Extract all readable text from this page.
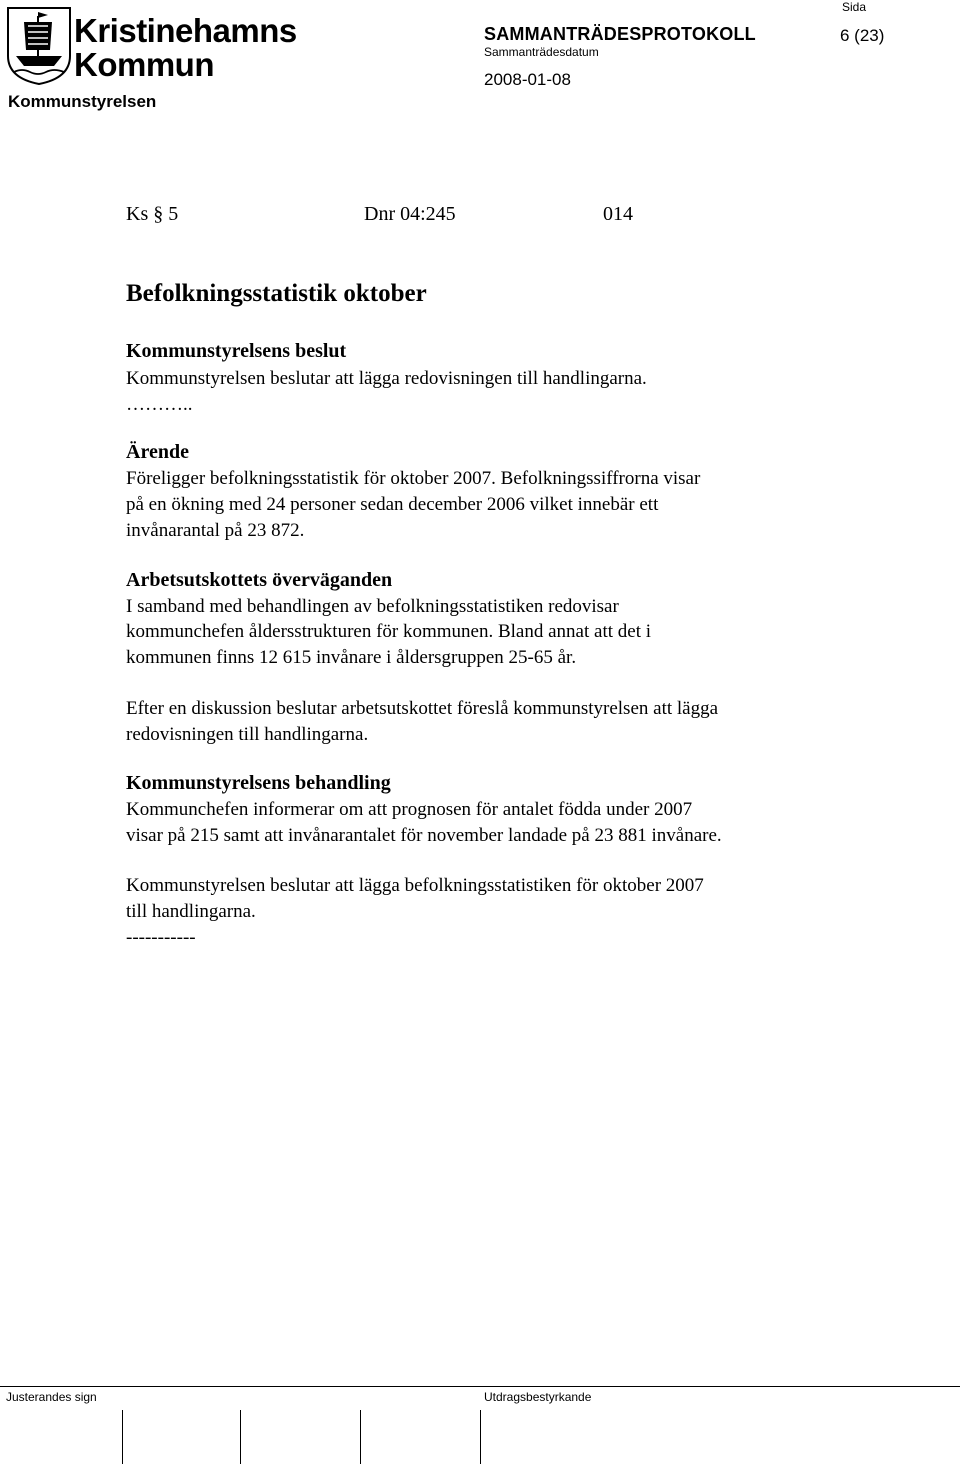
Kristinehamns
Kommun
Kommunstyrelsen
SAMMANTRÄDESPROTOKOLL
Sammanträdesdatum
2008-01-08
Sida
6 (23)
Ks § 5	Dnr 04:245	014
Befolkningsstatistik oktober
Kommunstyrelsens beslut
Kommunstyrelsen beslutar att lägga redovisningen till handlingarna.
………..
Ärende
Föreligger befolkningsstatistik för oktober 2007. Befolkningssiffrorna visar
på en ökning med 24 personer sedan december 2006 vilket innebär ett
invånarantal på 23 872.
Arbetsutskottets överväganden
I samband med behandlingen av befolkningsstatistiken redovisar
kommunchefen åldersstrukturen för kommunen. Bland annat att det i
kommunen finns 12 615 invånare i åldersgruppen 25-65 år.
Efter en diskussion beslutar arbetsutskottet föreslå kommunstyrelsen att lägga
redovisningen till handlingarna.
Kommunstyrelsens behandling
Kommunchefen informerar om att prognosen för antalet födda under 2007
visar på 215 samt att invånarantalet för november landade på 23 881 invånare.
Kommunstyrelsen beslutar att lägga befolkningsstatistiken för oktober 2007
till handlingarna.
-----------
Justerandes sign	Utdragsbestyrkande
